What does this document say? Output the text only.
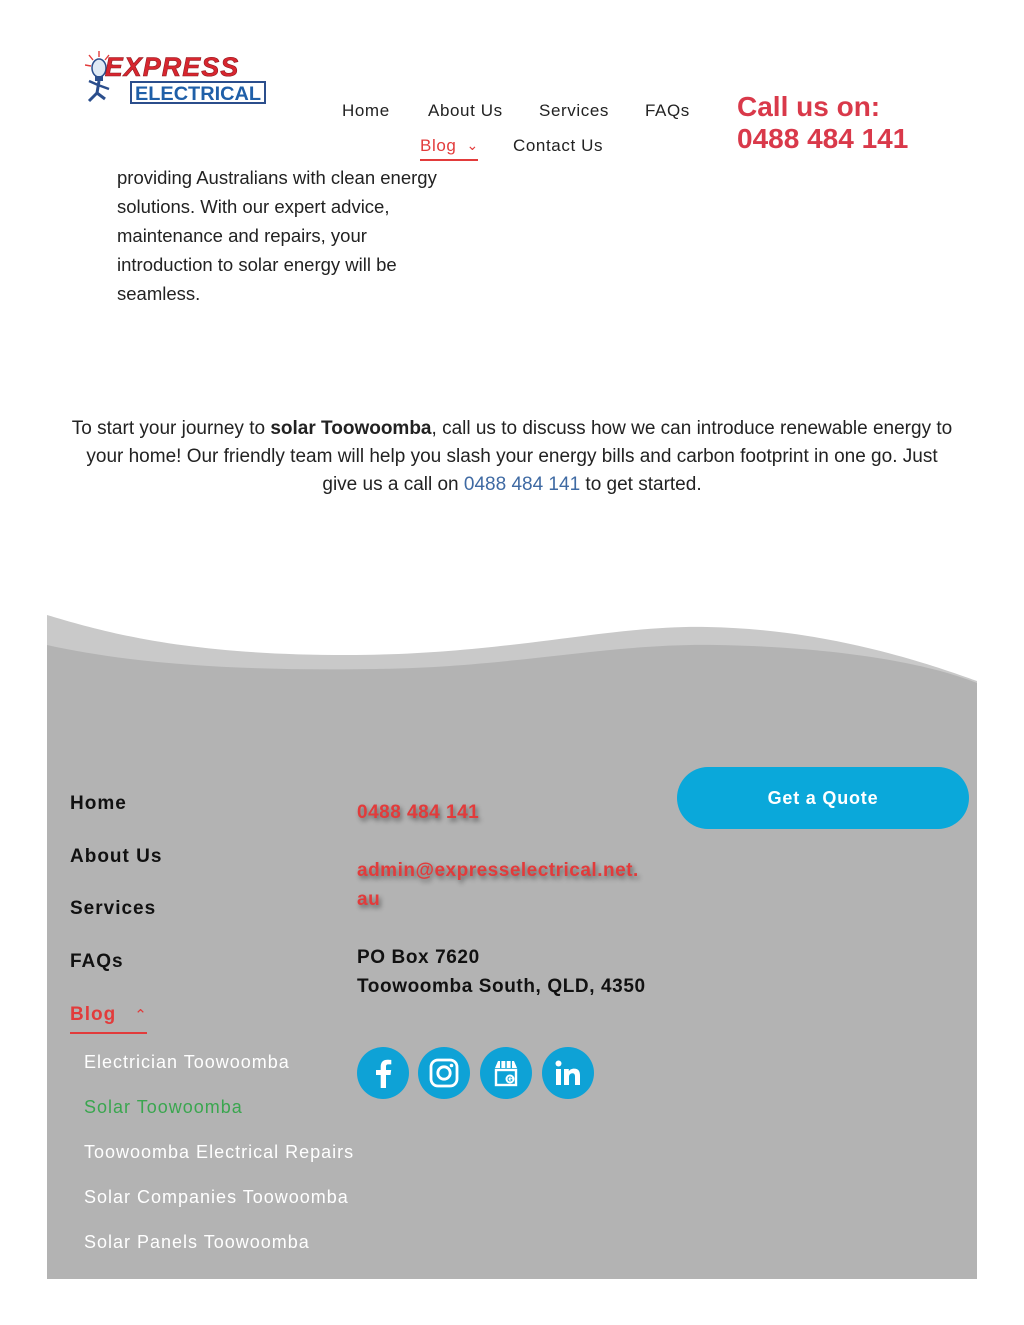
EXPRESS
ELECTRICAL
Home About Us Services FAQs
Blog ⌄ Contact Us
Call us on:
0488 484 141
providing Australians with clean energy solutions. With our expert advice, maintenance and repairs, your introduction to solar energy will be seamless.
To start your journey to solar Toowoomba, call us to discuss how we can introduce renewable energy to your home! Our friendly team will help you slash your energy bills and carbon footprint in one go. Just give us a call on 0488 484 141 to get started.
Home
About Us
Services
FAQs
Blog ⌃
Electrician Toowoomba
Solar Toowoomba
Toowoomba Electrical Repairs
Solar Companies Toowoomba
Solar Panels Toowoomba
0488 484 141
admin@expresselectrical.net.
au
PO Box 7620
Toowoomba South, QLD, 4350
G
Get a Quote
